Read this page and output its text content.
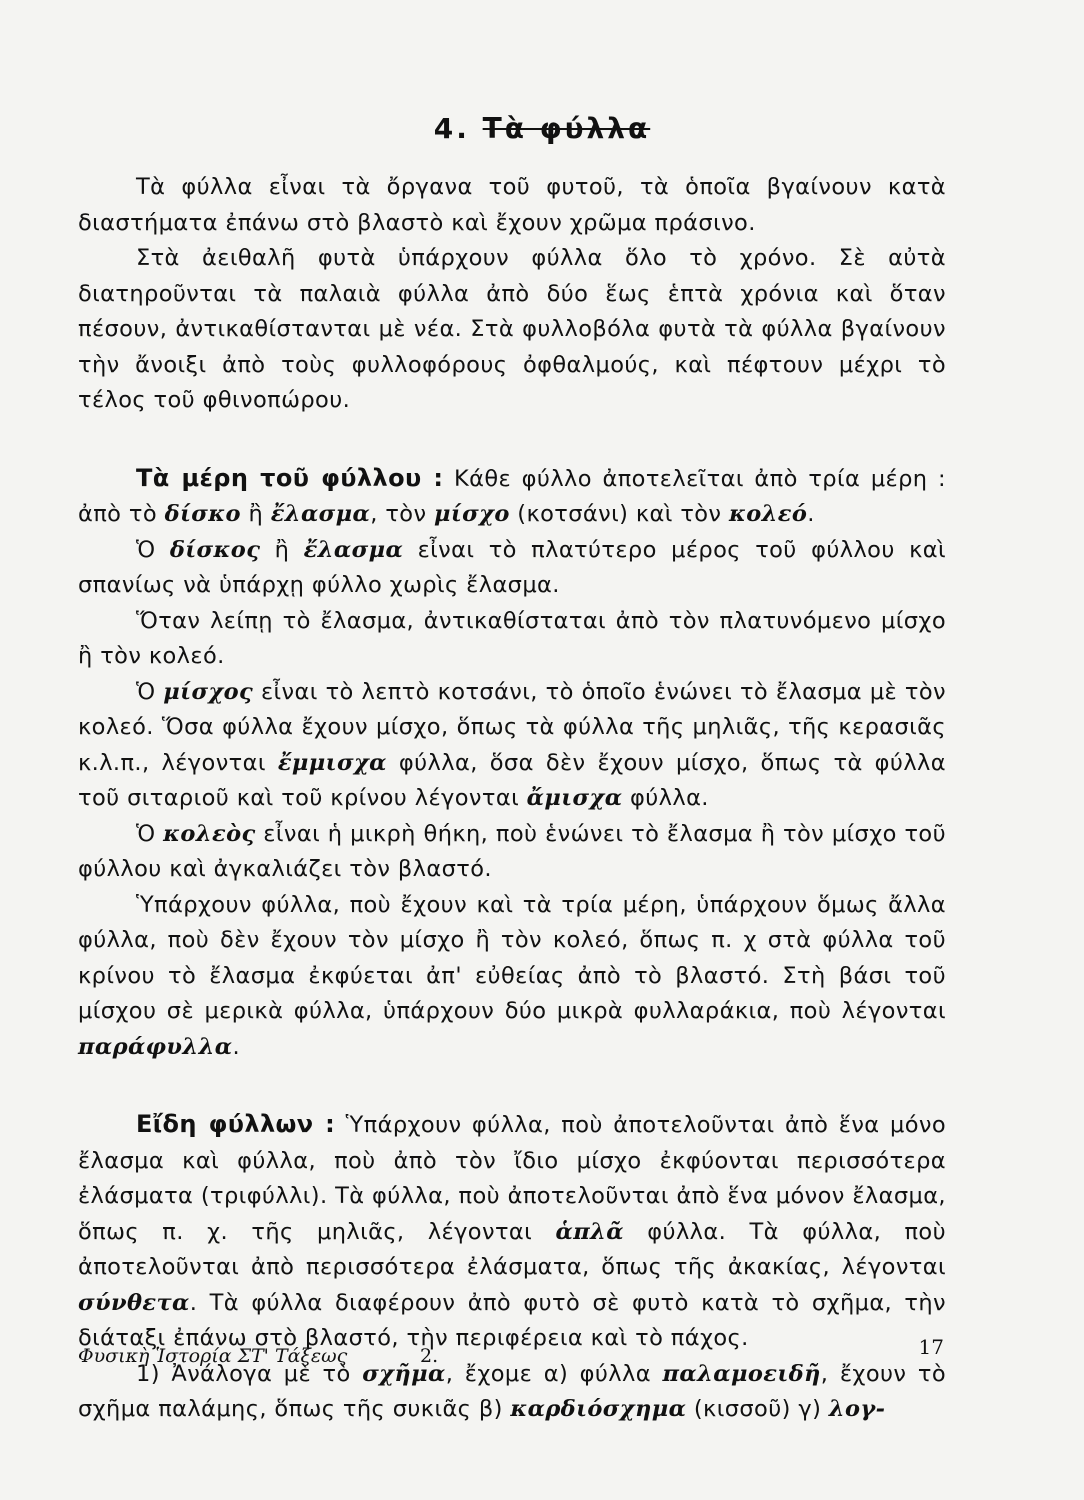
4. Τὰ φύλλα

Τὰ φύλλα εἶναι τὰ ὄργανα τοῦ φυτοῦ, τὰ ὁποῖα βγαίνουν κατὰ διαστήματα ἐπάνω στὸ βλαστὸ καὶ ἔχουν χρῶμα πράσινο.

Στὰ ἀειθαλῆ φυτὰ ὑπάρχουν φύλλα ὅλο τὸ χρόνο. Σὲ αὐτὰ διατηροῦνται τὰ παλαιὰ φύλλα ἀπὸ δύο ἕως ἑπτὰ χρόνια καὶ ὅταν πέσουν, ἀντικαθίστανται μὲ νέα. Στὰ φυλλοβόλα φυτὰ τὰ φύλλα βγαίνουν τὴν ἄνοιξι ἀπὸ τοὺς φυλλοφόρους ὀφθαλμούς, καὶ πέφτουν μέχρι τὸ τέλος τοῦ φθινοπώρου.

Τὰ μέρη τοῦ φύλλου : Κάθε φύλλο ἀποτελεῖται ἀπὸ τρία μέρη : ἀπὸ τὸ δίσκο ἢ ἔλασμα, τὸν μίσχο (κοτσάνι) καὶ τὸν κολεό.

Ὁ δίσκος ἢ ἔλασμα εἶναι τὸ πλατύτερο μέρος τοῦ φύλλου καὶ σπανίως νὰ ὑπάρχῃ φύλλο χωρὶς ἔλασμα.

Ὅταν λείπῃ τὸ ἔλασμα, ἀντικαθίσταται ἀπὸ τὸν πλατυνόμενο μίσχο ἢ τὸν κολεό.

Ὁ μίσχος εἶναι τὸ λεπτὸ κοτσάνι, τὸ ὁποῖο ἑνώνει τὸ ἔλασμα μὲ τὸν κολεό. Ὅσα φύλλα ἔχουν μίσχο, ὅπως τὰ φύλλα τῆς μηλιᾶς, τῆς κερασιᾶς κ.λ.π., λέγονται ἔμμισχα φύλλα, ὅσα δὲν ἔχουν μίσχο, ὅπως τὰ φύλλα τοῦ σιταριοῦ καὶ τοῦ κρίνου λέγονται ἄμισχα φύλλα.

Ὁ κολεὸς εἶναι ἡ μικρὴ θήκη, ποὺ ἑνώνει τὸ ἔλασμα ἢ τὸν μίσχο τοῦ φύλλου καὶ ἀγκαλιάζει τὸν βλαστό.

Ὑπάρχουν φύλλα, ποὺ ἔχουν καὶ τὰ τρία μέρη, ὑπάρχουν ὅμως ἄλλα φύλλα, ποὺ δὲν ἔχουν τὸν μίσχο ἢ τὸν κολεό, ὅπως π. χ στὰ φύλλα τοῦ κρίνου τὸ ἔλασμα ἐκφύεται ἀπ' εὐθείας ἀπὸ τὸ βλαστό. Στὴ βάσι τοῦ μίσχου σὲ μερικὰ φύλλα, ὑπάρχουν δύο μικρὰ φυλλαράκια, ποὺ λέγονται παράφυλλα.

Εἴδη φύλλων : Ὑπάρχουν φύλλα, ποὺ ἀποτελοῦνται ἀπὸ ἕνα μόνο ἔλασμα καὶ φύλλα, ποὺ ἀπὸ τὸν ἴδιο μίσχο ἐκφύονται περισσότερα ἐλάσματα (τριφύλλι). Τὰ φύλλα, ποὺ ἀποτελοῦνται ἀπὸ ἕνα μόνον ἔλασμα, ὅπως π. χ. τῆς μηλιᾶς, λέγονται ἁπλᾶ φύλλα. Τὰ φύλλα, ποὺ ἀποτελοῦνται ἀπὸ περισσότερα ἐλάσματα, ὅπως τῆς ἀκακίας, λέγονται σύνθετα. Τὰ φύλλα διαφέρουν ἀπὸ φυτὸ σὲ φυτὸ κατὰ τὸ σχῆμα, τὴν διάταξι ἐπάνω στὸ βλαστό, τὴν περιφέρεια καὶ τὸ πάχος.

1) Ἀνάλογα μὲ τὸ σχῆμα, ἔχομε α) φύλλα παλαμοειδῆ, ἔχουν τὸ σχῆμα παλάμης, ὅπως τῆς συκιᾶς β) καρδιόσχημα (κισσοῦ) γ) λογ-

Φυσικὴ Ἱστορία ΣΤ' Τάξεως	2.	17
